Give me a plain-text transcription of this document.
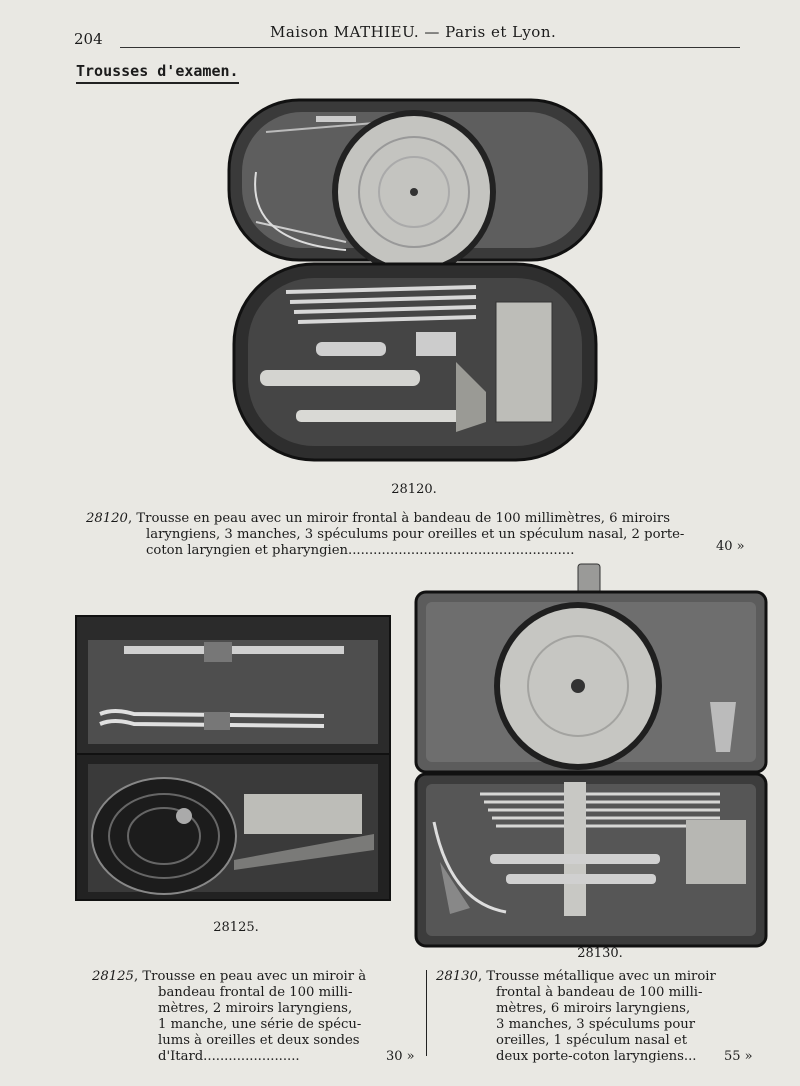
204	Maison MATHIEU. — Paris et Lyon.
Trousses d'examen.
28120.
28120, Trousse en peau avec un miroir frontal à bandeau de 100 millimètres, 6 miroirs
laryngiens, 3 manches, 3 spéculums pour oreilles et un spéculum nasal, 2 porte-
coton laryngien et pharyngien......................................................	40 »
28125.
28130.
28125, Trousse en peau avec un miroir à
bandeau frontal de 100 milli-
mètres, 2 miroirs laryngiens,
1 manche, une série de spécu-
lums à oreilles et deux sondes
d'Itard.......................	30 »
28130, Trousse métallique avec un miroir
frontal à bandeau de 100 milli-
mètres, 6 miroirs laryngiens,
3 manches, 3 spéculums pour
oreilles, 1 spéculum nasal et
deux porte-coton laryngiens...	55 »
